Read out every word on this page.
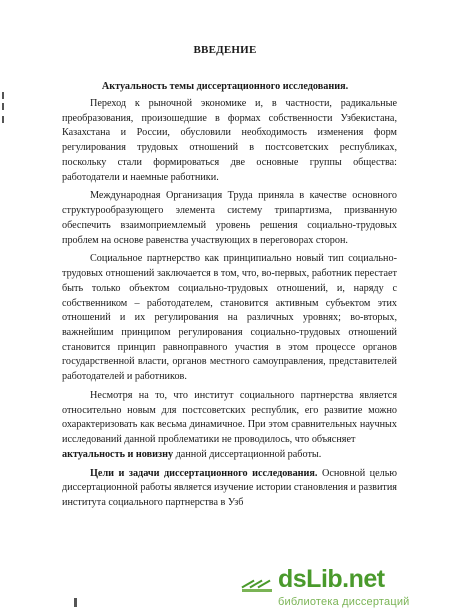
ВВЕДЕНИЕ
Актуальность темы диссертационного исследования.

Переход к рыночной экономике и, в частности, радикальные преобразования, произошедшие в формах собственности Узбекистана, Казахстана и России, обусловили необходимость изменения форм регулирования трудовых отношений в постсоветских республиках, поскольку стали формироваться две основные группы общества: работодатели и наемные работники.

Международная Организация Труда приняла в качестве основного структурообразующего элемента систему трипартизма, призванную обеспечить взаимоприемлемый уровень решения социально-трудовых проблем на основе равенства участвующих в переговорах сторон.

Социальное партнерство как принципиально новый тип социально-трудовых отношений заключается в том, что, во-первых, работник перестает быть только объектом социально-трудовых отношений, и, наряду с собственником – работодателем, становится активным субъектом этих отношений и их регулирования на различных уровнях; во-вторых, важнейшим принципом регулирования социально-трудовых отношений становится принцип равноправного участия в этом процессе органов государственной власти, органов местного самоуправления, представителей работодателей и работников.

Несмотря на то, что институт социального партнерства является относительно новым для постсоветских республик, его развитие можно охарактеризовать как весьма динамичное. При этом сравнительных научных исследований данной проблематики не проводилось, что объясняет
актуальность и новизну данной диссертационной работы.

Цели и задачи диссертационного исследования. Основной целью диссертационной работы является изучение истории становления и развития института социального партнерства в Узб

dsLib.net
библиотека диссертаций
